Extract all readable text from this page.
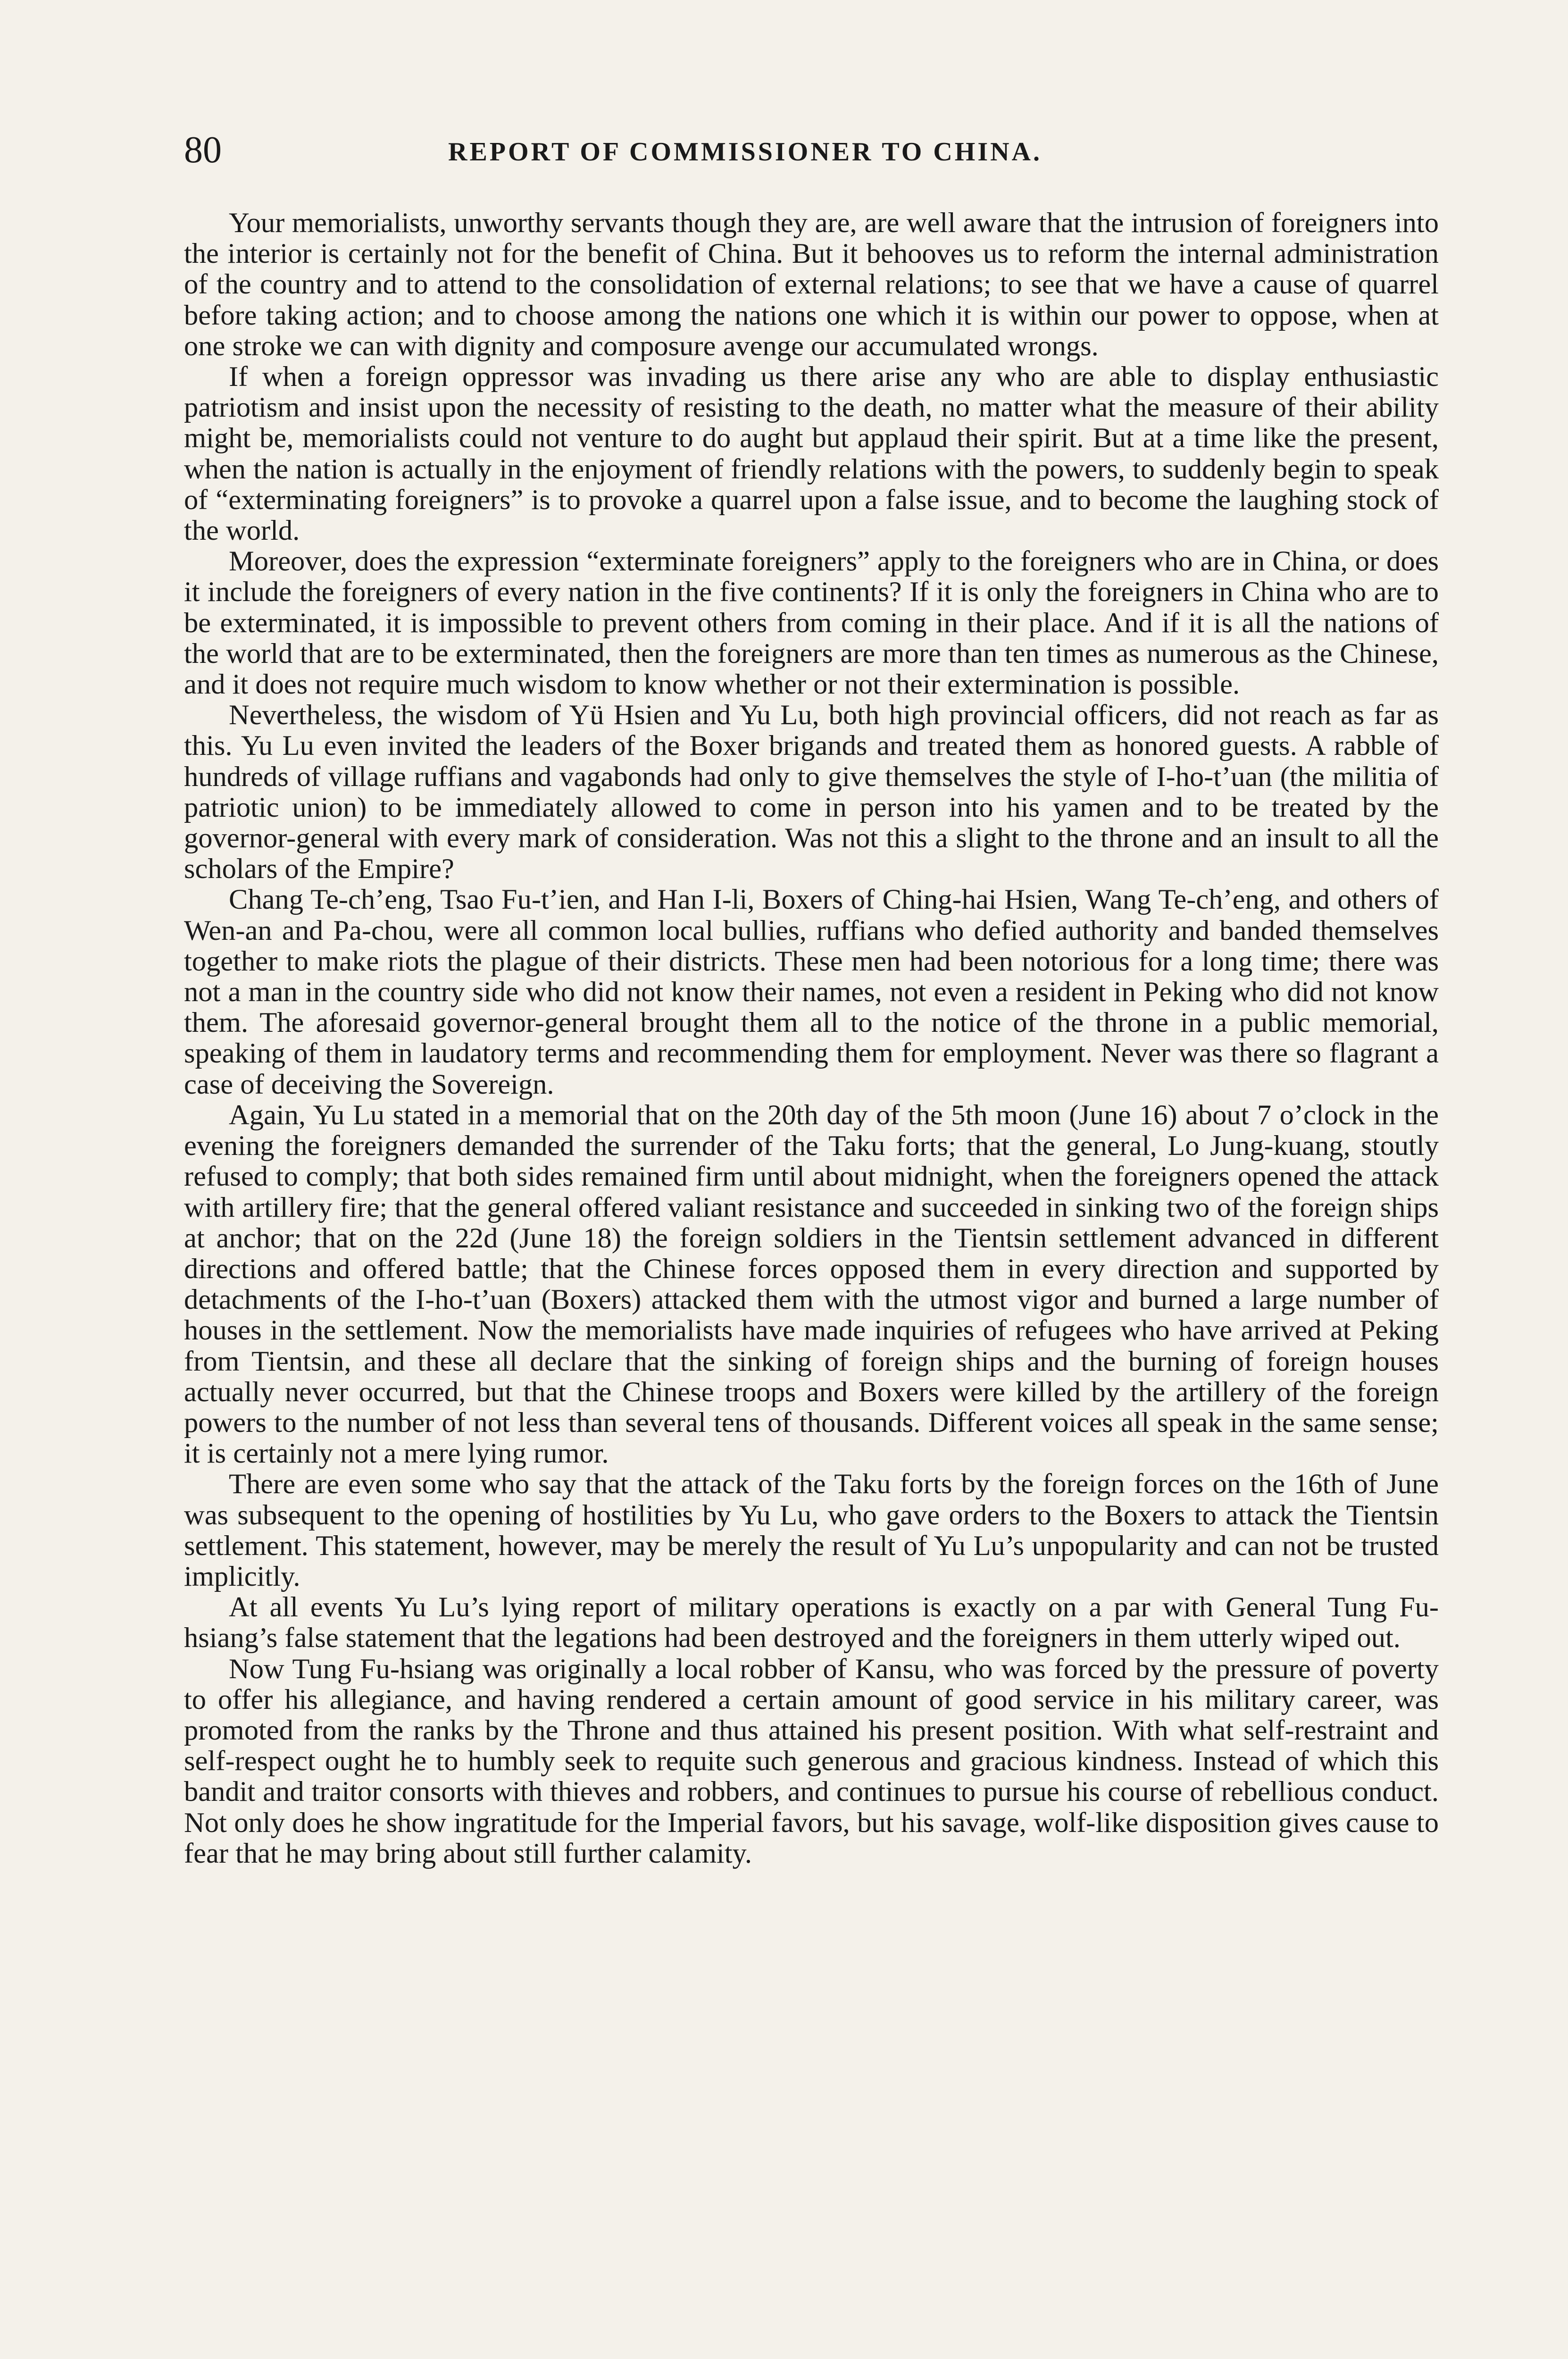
80	REPORT OF COMMISSIONER TO CHINA.

Your memorialists, unworthy servants though they are, are well aware that the intrusion of foreigners into the interior is certainly not for the benefit of China. But it behooves us to reform the internal administration of the country and to attend to the consolidation of external relations; to see that we have a cause of quarrel before taking action; and to choose among the nations one which it is within our power to oppose, when at one stroke we can with dignity and composure avenge our accumulated wrongs.

If when a foreign oppressor was invading us there arise any who are able to display enthusiastic patriotism and insist upon the necessity of resisting to the death, no matter what the measure of their ability might be, memorialists could not venture to do aught but applaud their spirit. But at a time like the present, when the nation is actually in the enjoyment of friendly relations with the powers, to suddenly begin to speak of “exterminating foreigners” is to provoke a quarrel upon a false issue, and to become the laughing stock of the world.

Moreover, does the expression “exterminate foreigners” apply to the foreigners who are in China, or does it include the foreigners of every nation in the five continents? If it is only the foreigners in China who are to be exterminated, it is impossible to prevent others from coming in their place. And if it is all the nations of the world that are to be exterminated, then the foreigners are more than ten times as numerous as the Chinese, and it does not require much wisdom to know whether or not their extermination is possible.

Nevertheless, the wisdom of Yü Hsien and Yu Lu, both high provincial officers, did not reach as far as this. Yu Lu even invited the leaders of the Boxer brigands and treated them as honored guests. A rabble of hundreds of village ruffians and vagabonds had only to give themselves the style of I-ho-t’uan (the militia of patriotic union) to be immediately allowed to come in person into his yamen and to be treated by the governor-general with every mark of consideration. Was not this a slight to the throne and an insult to all the scholars of the Empire?

Chang Te-ch’eng, Tsao Fu-t’ien, and Han I-li, Boxers of Ching-hai Hsien, Wang Te-ch’eng, and others of Wen-an and Pa-chou, were all common local bullies, ruffians who defied authority and banded themselves together to make riots the plague of their districts. These men had been notorious for a long time; there was not a man in the country side who did not know their names, not even a resident in Peking who did not know them. The aforesaid governor-general brought them all to the notice of the throne in a public memorial, speaking of them in laudatory terms and recommending them for employment. Never was there so flagrant a case of deceiving the Sovereign.

Again, Yu Lu stated in a memorial that on the 20th day of the 5th moon (June 16) about 7 o’clock in the evening the foreigners demanded the surrender of the Taku forts; that the general, Lo Jung-kuang, stoutly refused to comply; that both sides remained firm until about midnight, when the foreigners opened the attack with artillery fire; that the general offered valiant resistance and succeeded in sinking two of the foreign ships at anchor; that on the 22d (June 18) the foreign soldiers in the Tientsin settlement advanced in different directions and offered battle; that the Chinese forces opposed them in every direction and supported by detachments of the I-ho-t’uan (Boxers) attacked them with the utmost vigor and burned a large number of houses in the settlement. Now the memorialists have made inquiries of refugees who have arrived at Peking from Tientsin, and these all declare that the sinking of foreign ships and the burning of foreign houses actually never occurred, but that the Chinese troops and Boxers were killed by the artillery of the foreign powers to the number of not less than several tens of thousands. Different voices all speak in the same sense; it is certainly not a mere lying rumor.

There are even some who say that the attack of the Taku forts by the foreign forces on the 16th of June was subsequent to the opening of hostilities by Yu Lu, who gave orders to the Boxers to attack the Tientsin settlement. This statement, however, may be merely the result of Yu Lu’s unpopularity and can not be trusted implicitly.

At all events Yu Lu’s lying report of military operations is exactly on a par with General Tung Fu-hsiang’s false statement that the legations had been destroyed and the foreigners in them utterly wiped out.

Now Tung Fu-hsiang was originally a local robber of Kansu, who was forced by the pressure of poverty to offer his allegiance, and having rendered a certain amount of good service in his military career, was promoted from the ranks by the Throne and thus attained his present position. With what self-restraint and self-respect ought he to humbly seek to requite such generous and gracious kindness. Instead of which this bandit and traitor consorts with thieves and robbers, and continues to pursue his course of rebellious conduct. Not only does he show ingratitude for the Imperial favors, but his savage, wolf-like disposition gives cause to fear that he may bring about still further calamity.
